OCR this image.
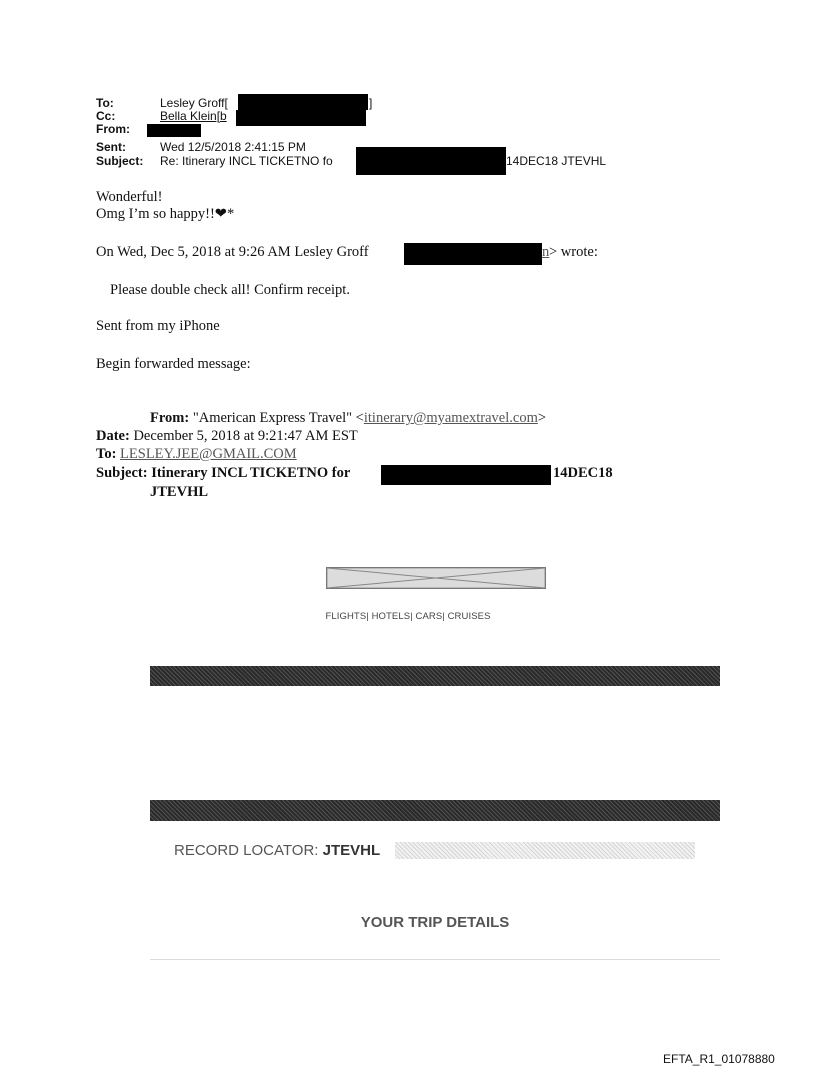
To:	Lesley Groff[	]
Cc:	Bella Klein[b
From:
Sent:	Wed 12/5/2018 2:41:15 PM
Subject: Re: Itinerary INCL TICKETNO fo	14DEC18 JTEVHL
Wonderful!
Omg I’m so happy!!❤*
On Wed, Dec 5, 2018 at 9:26 AM Lesley Groff	n > wrote:
Please double check all! Confirm receipt.
Sent from my iPhone
Begin forwarded message:
From: "American Express Travel" <itinerary@myamextravel.com>
Date: December 5, 2018 at 9:21:47 AM EST
To: LESLEY.JEE@GMAIL.COM
Subject: Itinerary INCL TICKETNO for	14DEC18
JTEVHL
FLIGHTS| HOTELS| CARS| CRUISES
RECORD LOCATOR: JTEVHL
YOUR TRIP DETAILS
EFTA_R1_01078880
